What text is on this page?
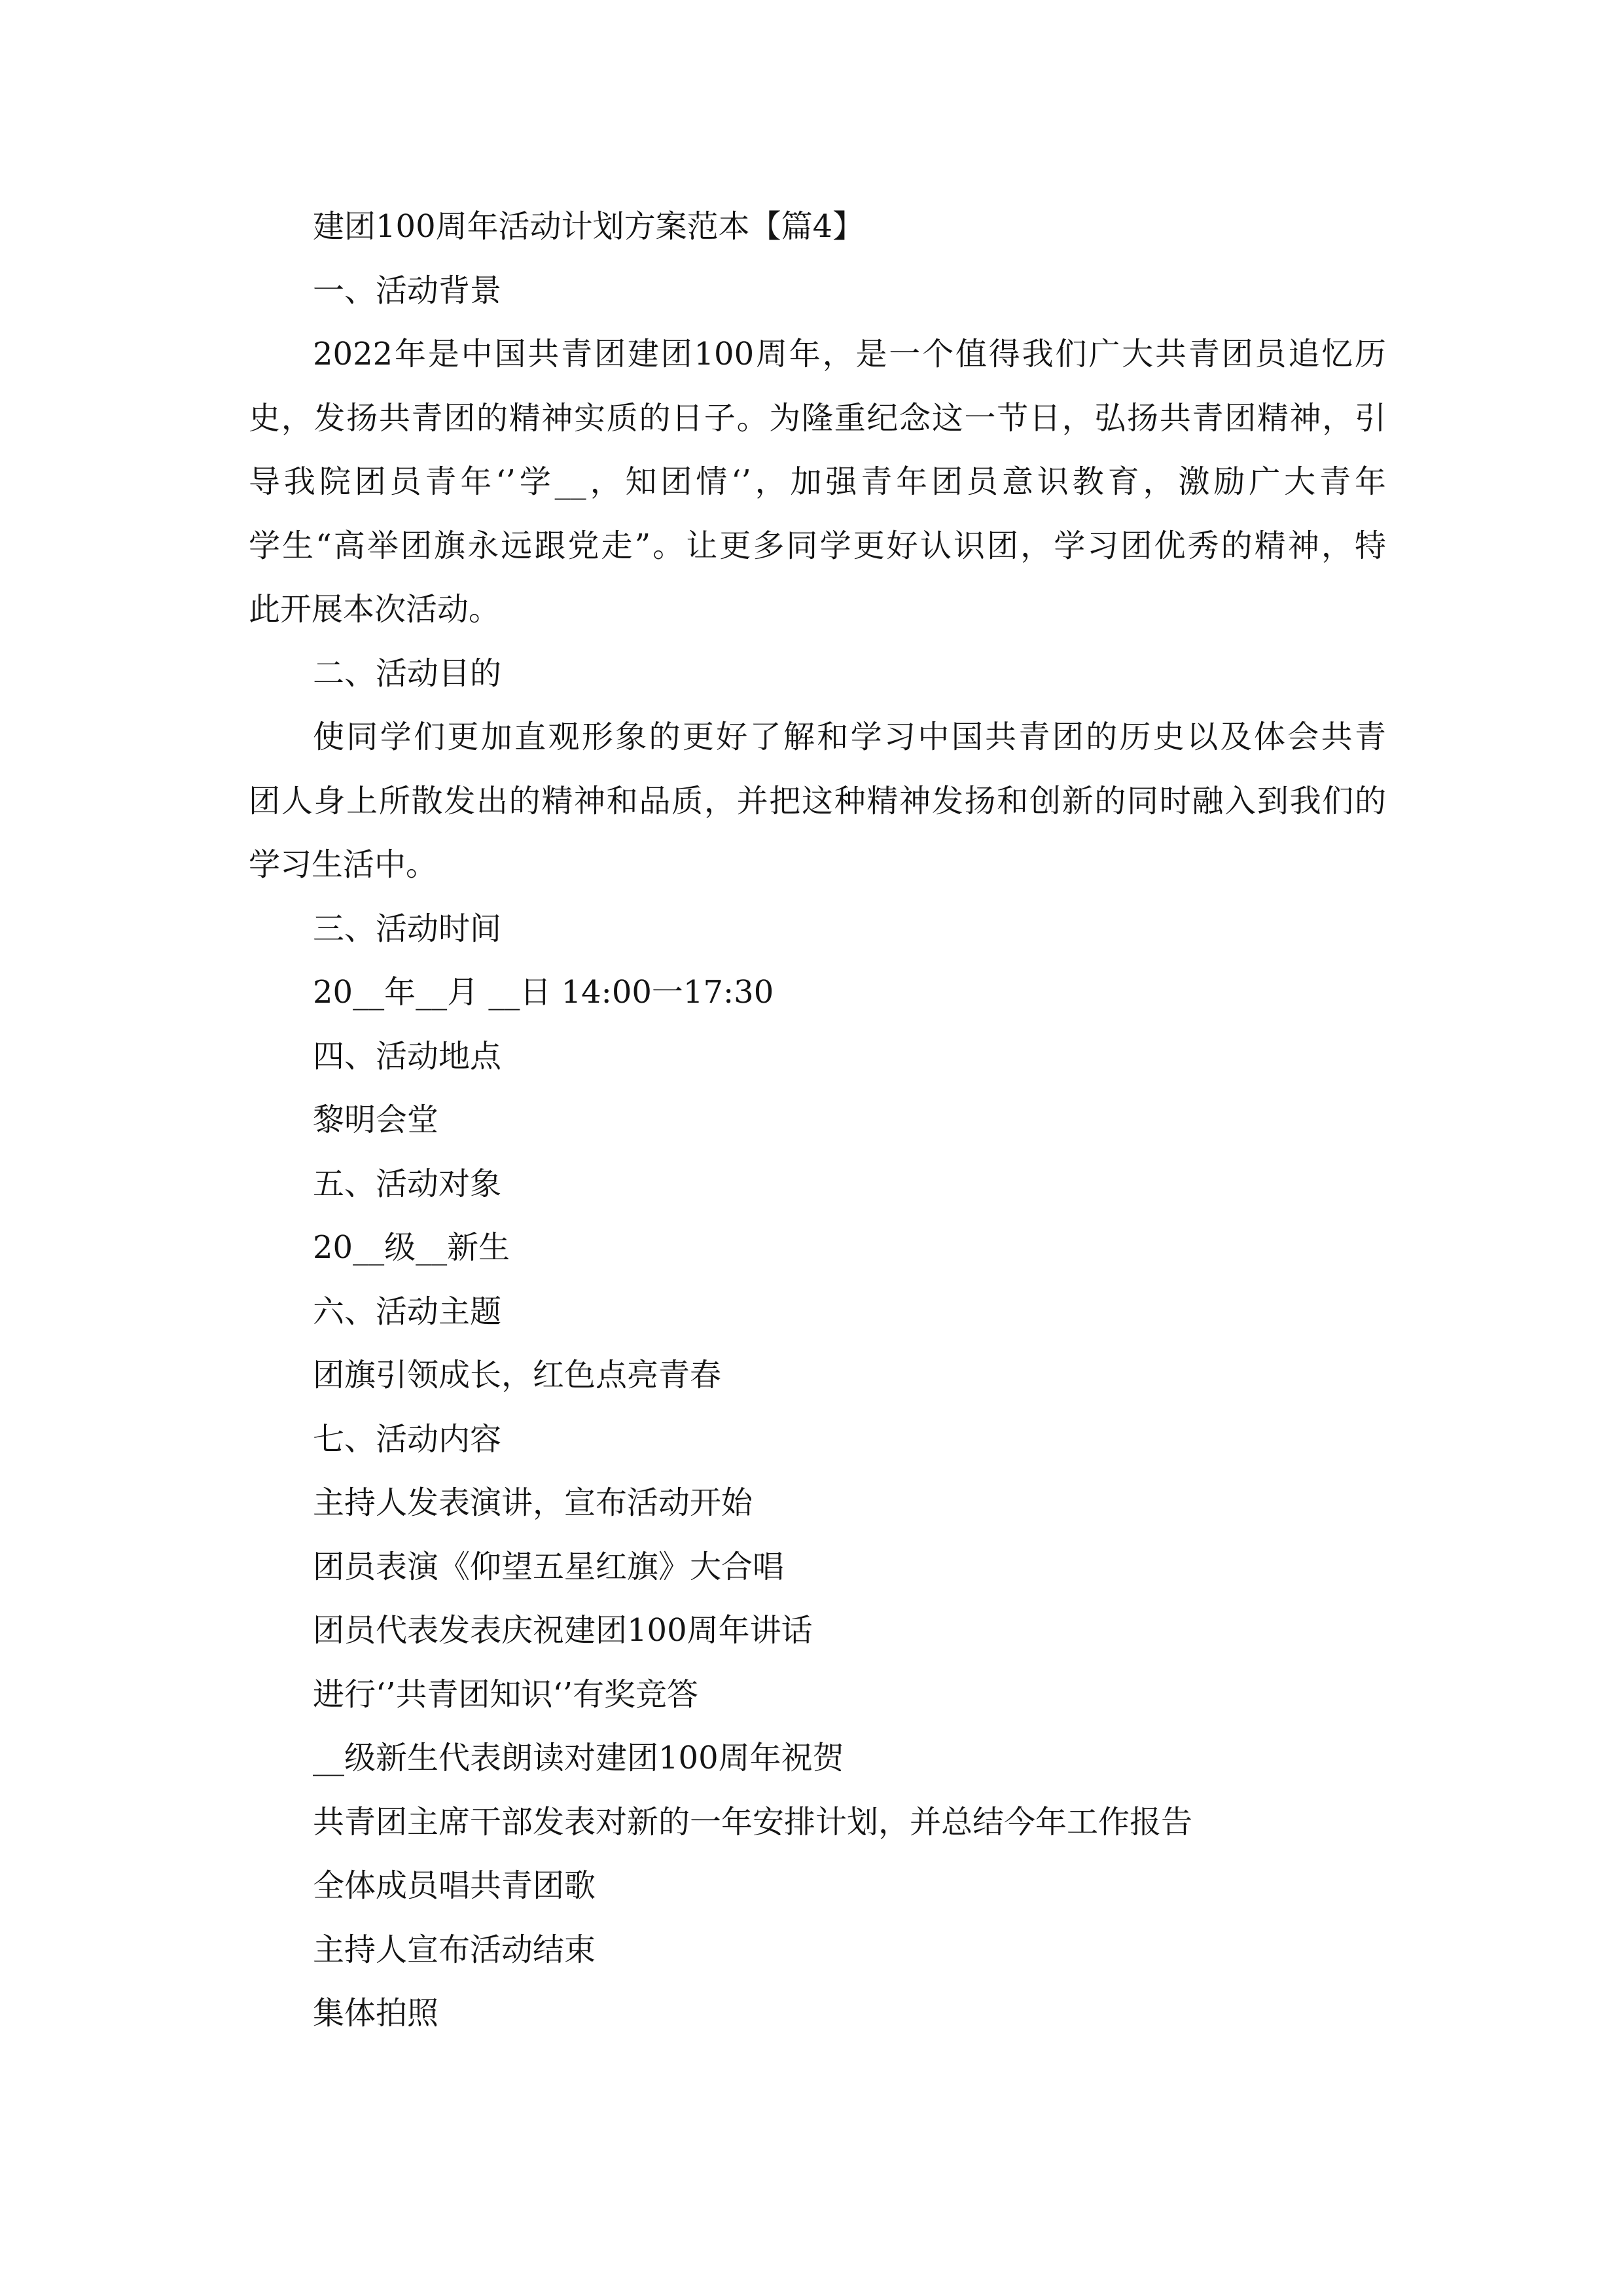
建团100周年活动计划方案范本【篇4】
一、活动背景
2022年是中国共青团建团100周年，是一个值得我们广大共青团员追忆历
史，发扬共青团的精神实质的日子。为隆重纪念这一节日，弘扬共青团精神，引
导我院团员青年‘’学__，知团情‘’，加强青年团员意识教育，激励广大青年
学生“高举团旗永远跟党走”。让更多同学更好认识团，学习团优秀的精神，特
此开展本次活动。
二、活动目的
使同学们更加直观形象的更好了解和学习中国共青团的历史以及体会共青
团人身上所散发出的精神和品质，并把这种精神发扬和创新的同时融入到我们的
学习生活中。
三、活动时间
20__年__月 __日 14:00一17:30
四、活动地点
黎明会堂
五、活动对象
20__级__新生
六、活动主题
团旗引领成长，红色点亮青春
七、活动内容
主持人发表演讲，宣布活动开始
团员表演《仰望五星红旗》大合唱
团员代表发表庆祝建团100周年讲话
进行‘’共青团知识‘’有奖竞答
__级新生代表朗读对建团100周年祝贺
共青团主席干部发表对新的一年安排计划，并总结今年工作报告
全体成员唱共青团歌
主持人宣布活动结束
集体拍照
